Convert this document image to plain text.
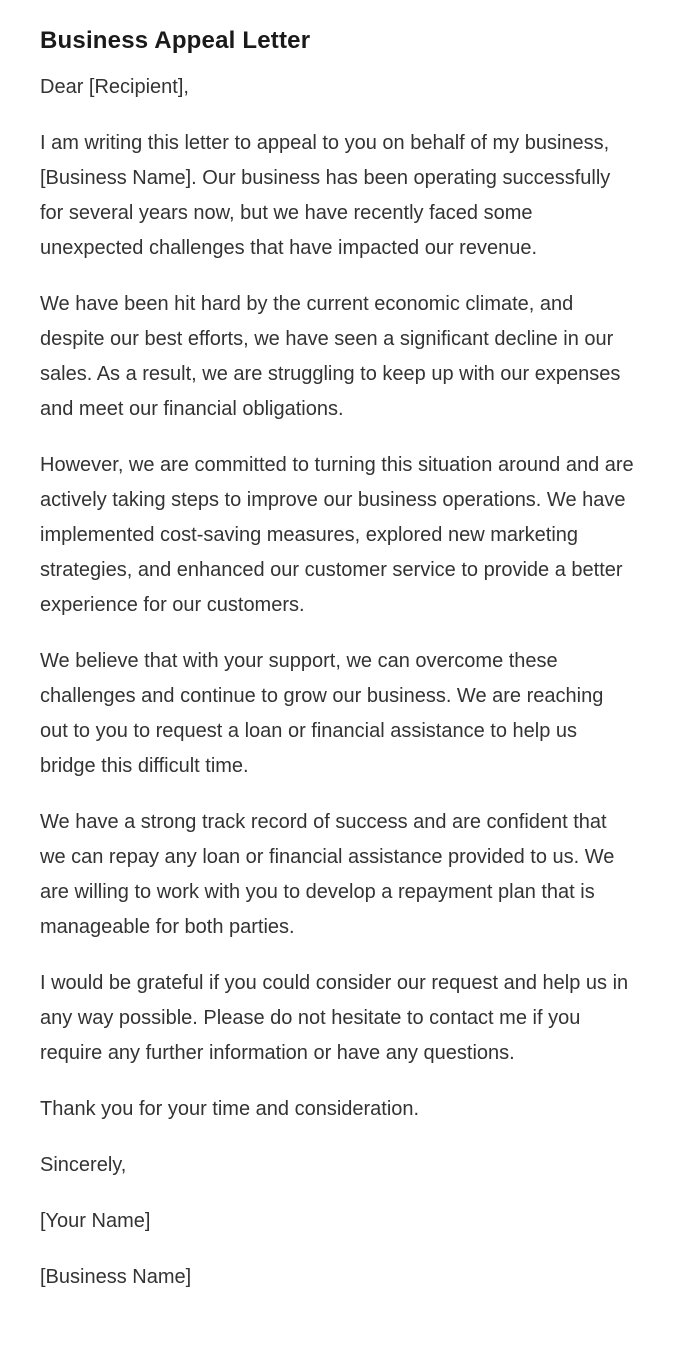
Business Appeal Letter

Dear [Recipient],

I am writing this letter to appeal to you on behalf of my business, [Business Name]. Our business has been operating successfully for several years now, but we have recently faced some unexpected challenges that have impacted our revenue.

We have been hit hard by the current economic climate, and despite our best efforts, we have seen a significant decline in our sales. As a result, we are struggling to keep up with our expenses and meet our financial obligations.

However, we are committed to turning this situation around and are actively taking steps to improve our business operations. We have implemented cost-saving measures, explored new marketing strategies, and enhanced our customer service to provide a better experience for our customers.

We believe that with your support, we can overcome these challenges and continue to grow our business. We are reaching out to you to request a loan or financial assistance to help us bridge this difficult time.

We have a strong track record of success and are confident that we can repay any loan or financial assistance provided to us. We are willing to work with you to develop a repayment plan that is manageable for both parties.

I would be grateful if you could consider our request and help us in any way possible. Please do not hesitate to contact me if you require any further information or have any questions.

Thank you for your time and consideration.

Sincerely,

[Your Name]

[Business Name]
